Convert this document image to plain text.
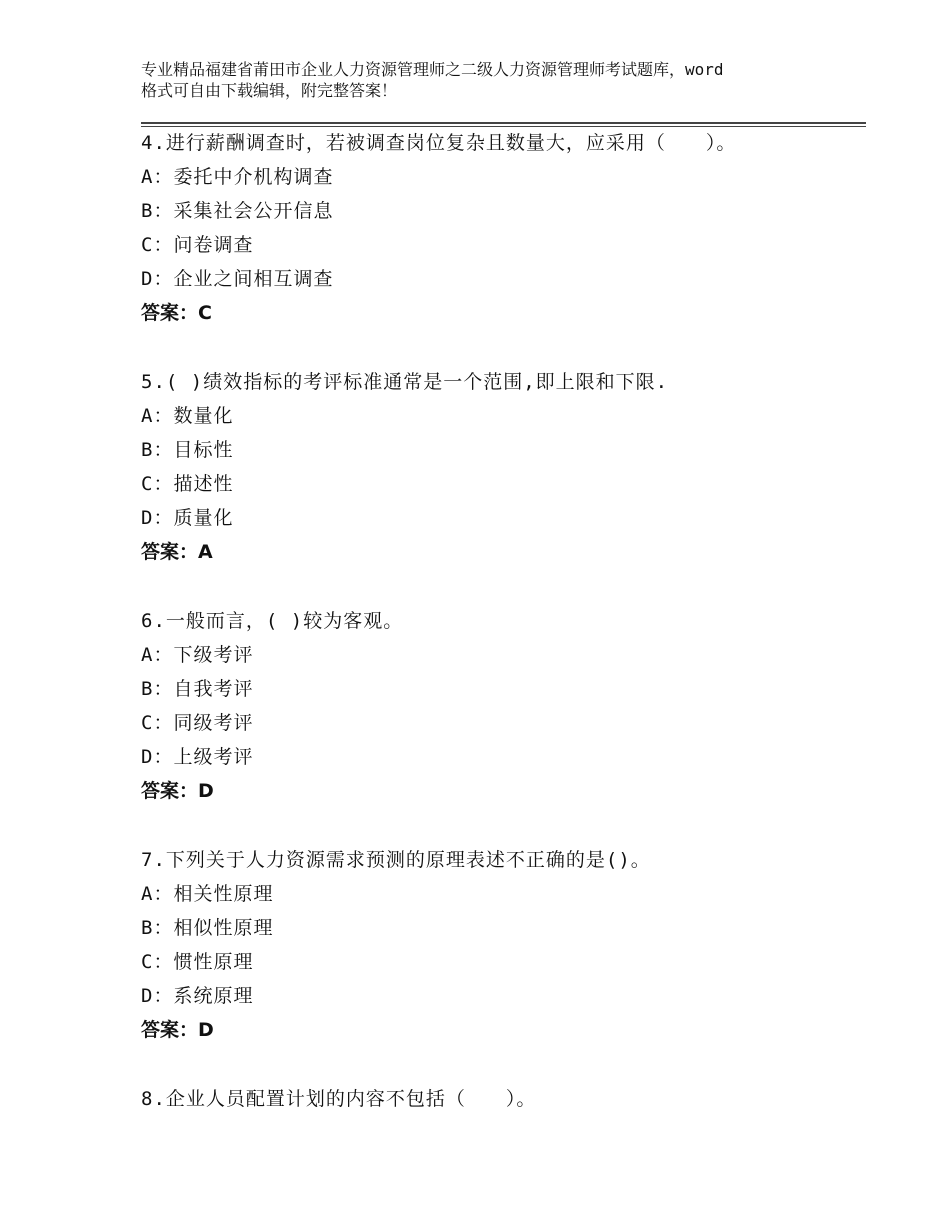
专业精品福建省莆田市企业人力资源管理师之二级人力资源管理师考试题库，word
格式可自由下载编辑，附完整答案！
4.进行薪酬调查时，若被调查岗位复杂且数量大，应采用（　　）。
A：委托中介机构调查
B：采集社会公开信息
C：问卷调查
D：企业之间相互调查
答案：C
5.( )绩效指标的考评标准通常是一个范围,即上限和下限.
A：数量化
B：目标性
C：描述性
D：质量化
答案：A
6.一般而言，( )较为客观。
A：下级考评
B：自我考评
C：同级考评
D：上级考评
答案：D
7.下列关于人力资源需求预测的原理表述不正确的是()。
A：相关性原理
B：相似性原理
C：惯性原理
D：系统原理
答案：D
8.企业人员配置计划的内容不包括（　　）。
